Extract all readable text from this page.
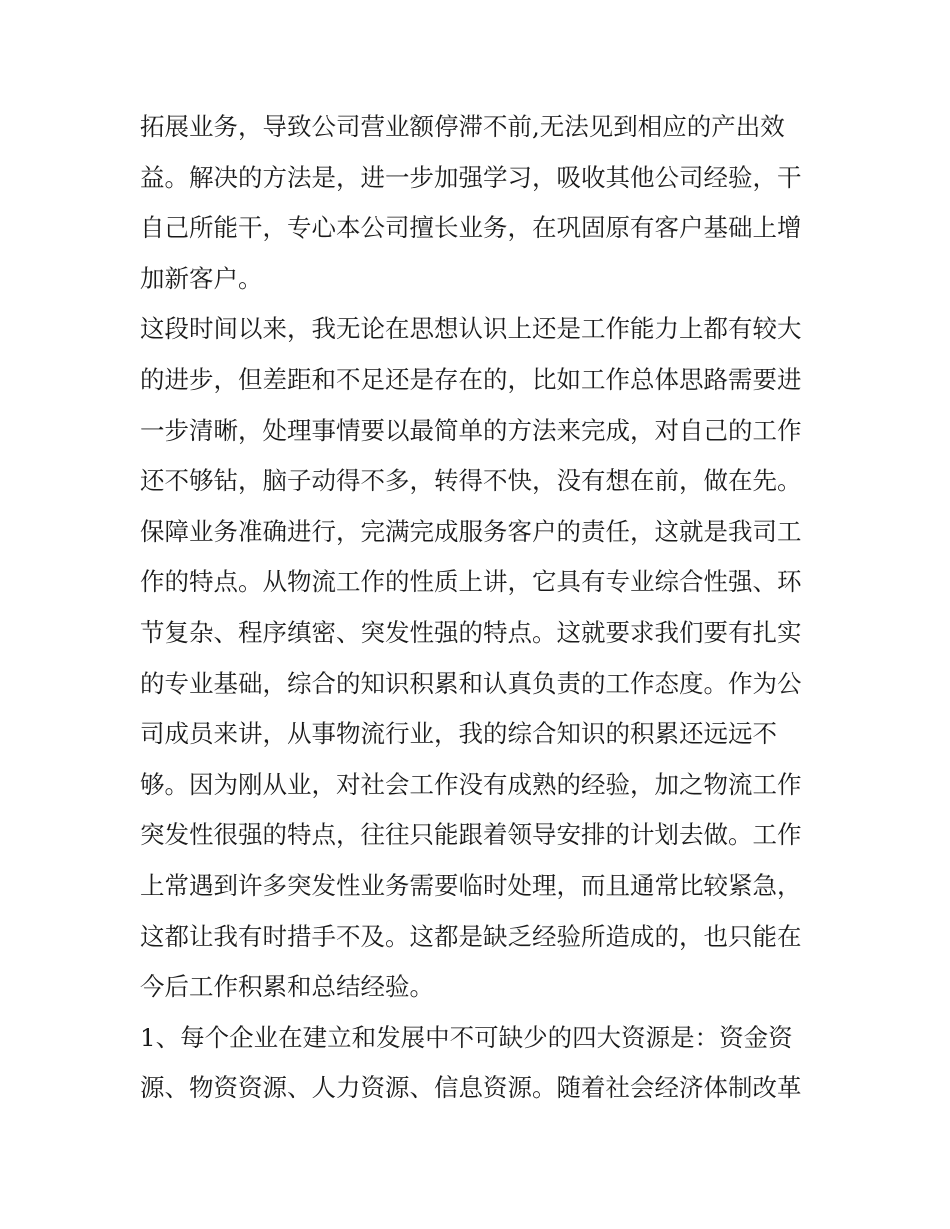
拓展业务，导致公司营业额停滞不前,无法见到相应的产出效
益。解决的方法是，进一步加强学习，吸收其他公司经验，干
自己所能干，专心本公司擅长业务，在巩固原有客户基础上增
加新客户。
这段时间以来，我无论在思想认识上还是工作能力上都有较大
的进步，但差距和不足还是存在的，比如工作总体思路需要进
一步清晰，处理事情要以最简单的方法来完成，对自己的工作
还不够钻，脑子动得不多，转得不快，没有想在前，做在先。
保障业务准确进行，完满完成服务客户的责任，这就是我司工
作的特点。从物流工作的性质上讲，它具有专业综合性强、环
节复杂、程序缜密、突发性强的特点。这就要求我们要有扎实
的专业基础，综合的知识积累和认真负责的工作态度。作为公
司成员来讲，从事物流行业，我的综合知识的积累还远远不
够。因为刚从业，对社会工作没有成熟的经验，加之物流工作
突发性很强的特点，往往只能跟着领导安排的计划去做。工作
上常遇到许多突发性业务需要临时处理，而且通常比较紧急，
这都让我有时措手不及。这都是缺乏经验所造成的，也只能在
今后工作积累和总结经验。
1、每个企业在建立和发展中不可缺少的四大资源是：资金资
源、物资资源、人力资源、信息资源。随着社会经济体制改革
